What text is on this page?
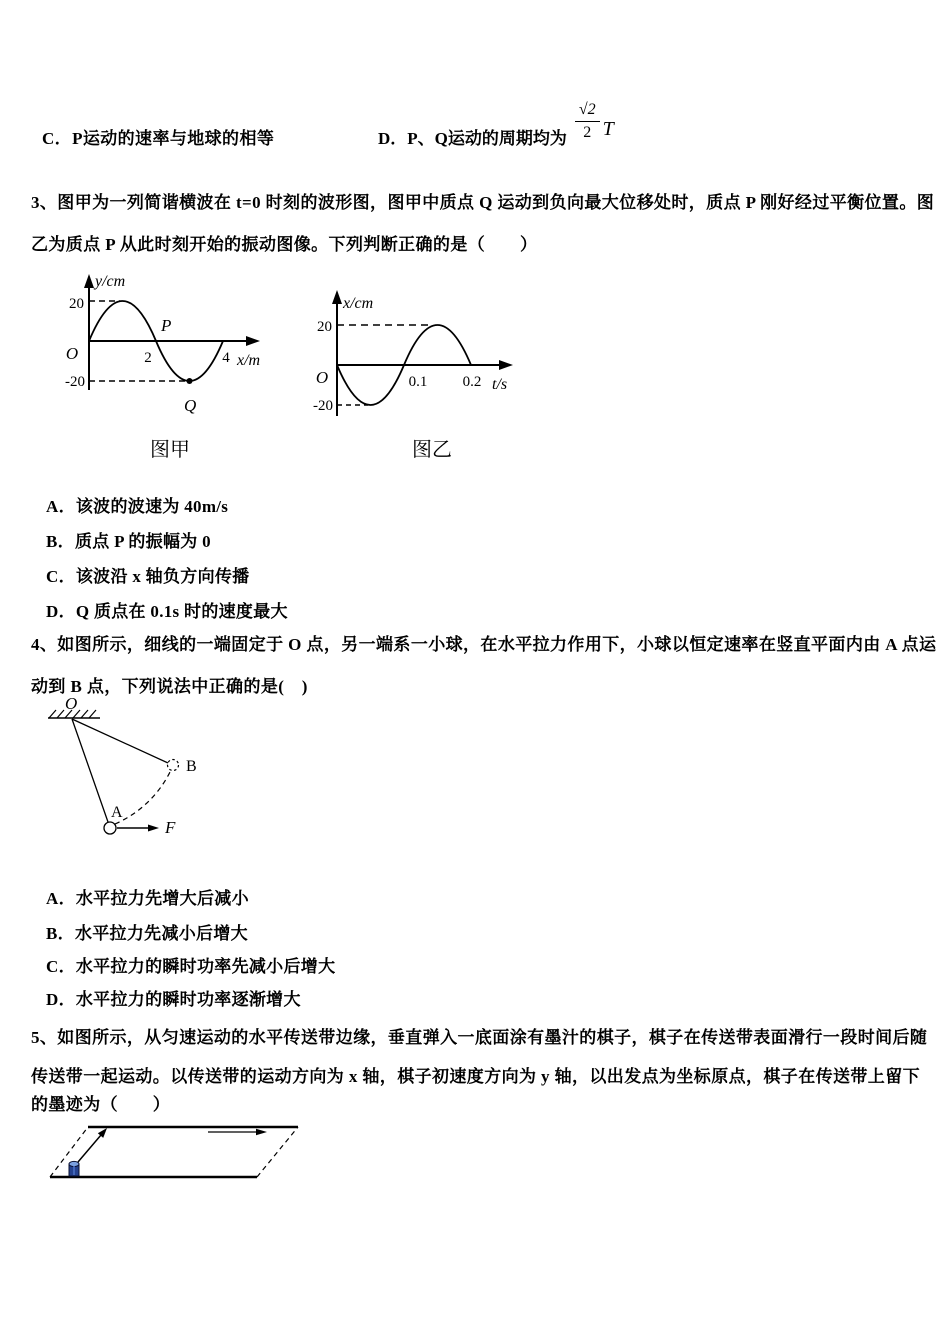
C．P运动的速率与地球的相等	D．P、Q运动的周期均为 $\frac{√2}{2}$ T
3、图甲为一列简谐横波在 t=0 时刻的波形图，图甲中质点 Q 运动到负向最大位移处时，质点 P 刚好经过平衡位置。图
乙为质点 P 从此时刻开始的振动图像。下列判断正确的是（　　）
y/cm
20
-20
O	2	4 x/m
P
Q
图甲
x/cm
20
-20
O	0.1 0.2 t/s
图乙
A．该波的波速为 40m/s
B．质点 P 的振幅为 0
C．该波沿 x 轴负方向传播
D．Q 质点在 0.1s 时的速度最大
4、如图所示，细线的一端固定于 O 点，另一端系一小球，在水平拉力作用下，小球以恒定速率在竖直平面内由 A 点运
动到 B 点，下列说法中正确的是(　)
O
A
B
F
A．水平拉力先增大后减小
B．水平拉力先减小后增大
C．水平拉力的瞬时功率先减小后增大
D．水平拉力的瞬时功率逐渐增大
5、如图所示，从匀速运动的水平传送带边缘，垂直弹入一底面涂有墨汁的棋子，棋子在传送带表面滑行一段时间后随
传送带一起运动。以传送带的运动方向为 x 轴，棋子初速度方向为 y 轴，以出发点为坐标原点，棋子在传送带上留下
的墨迹为（　　）
